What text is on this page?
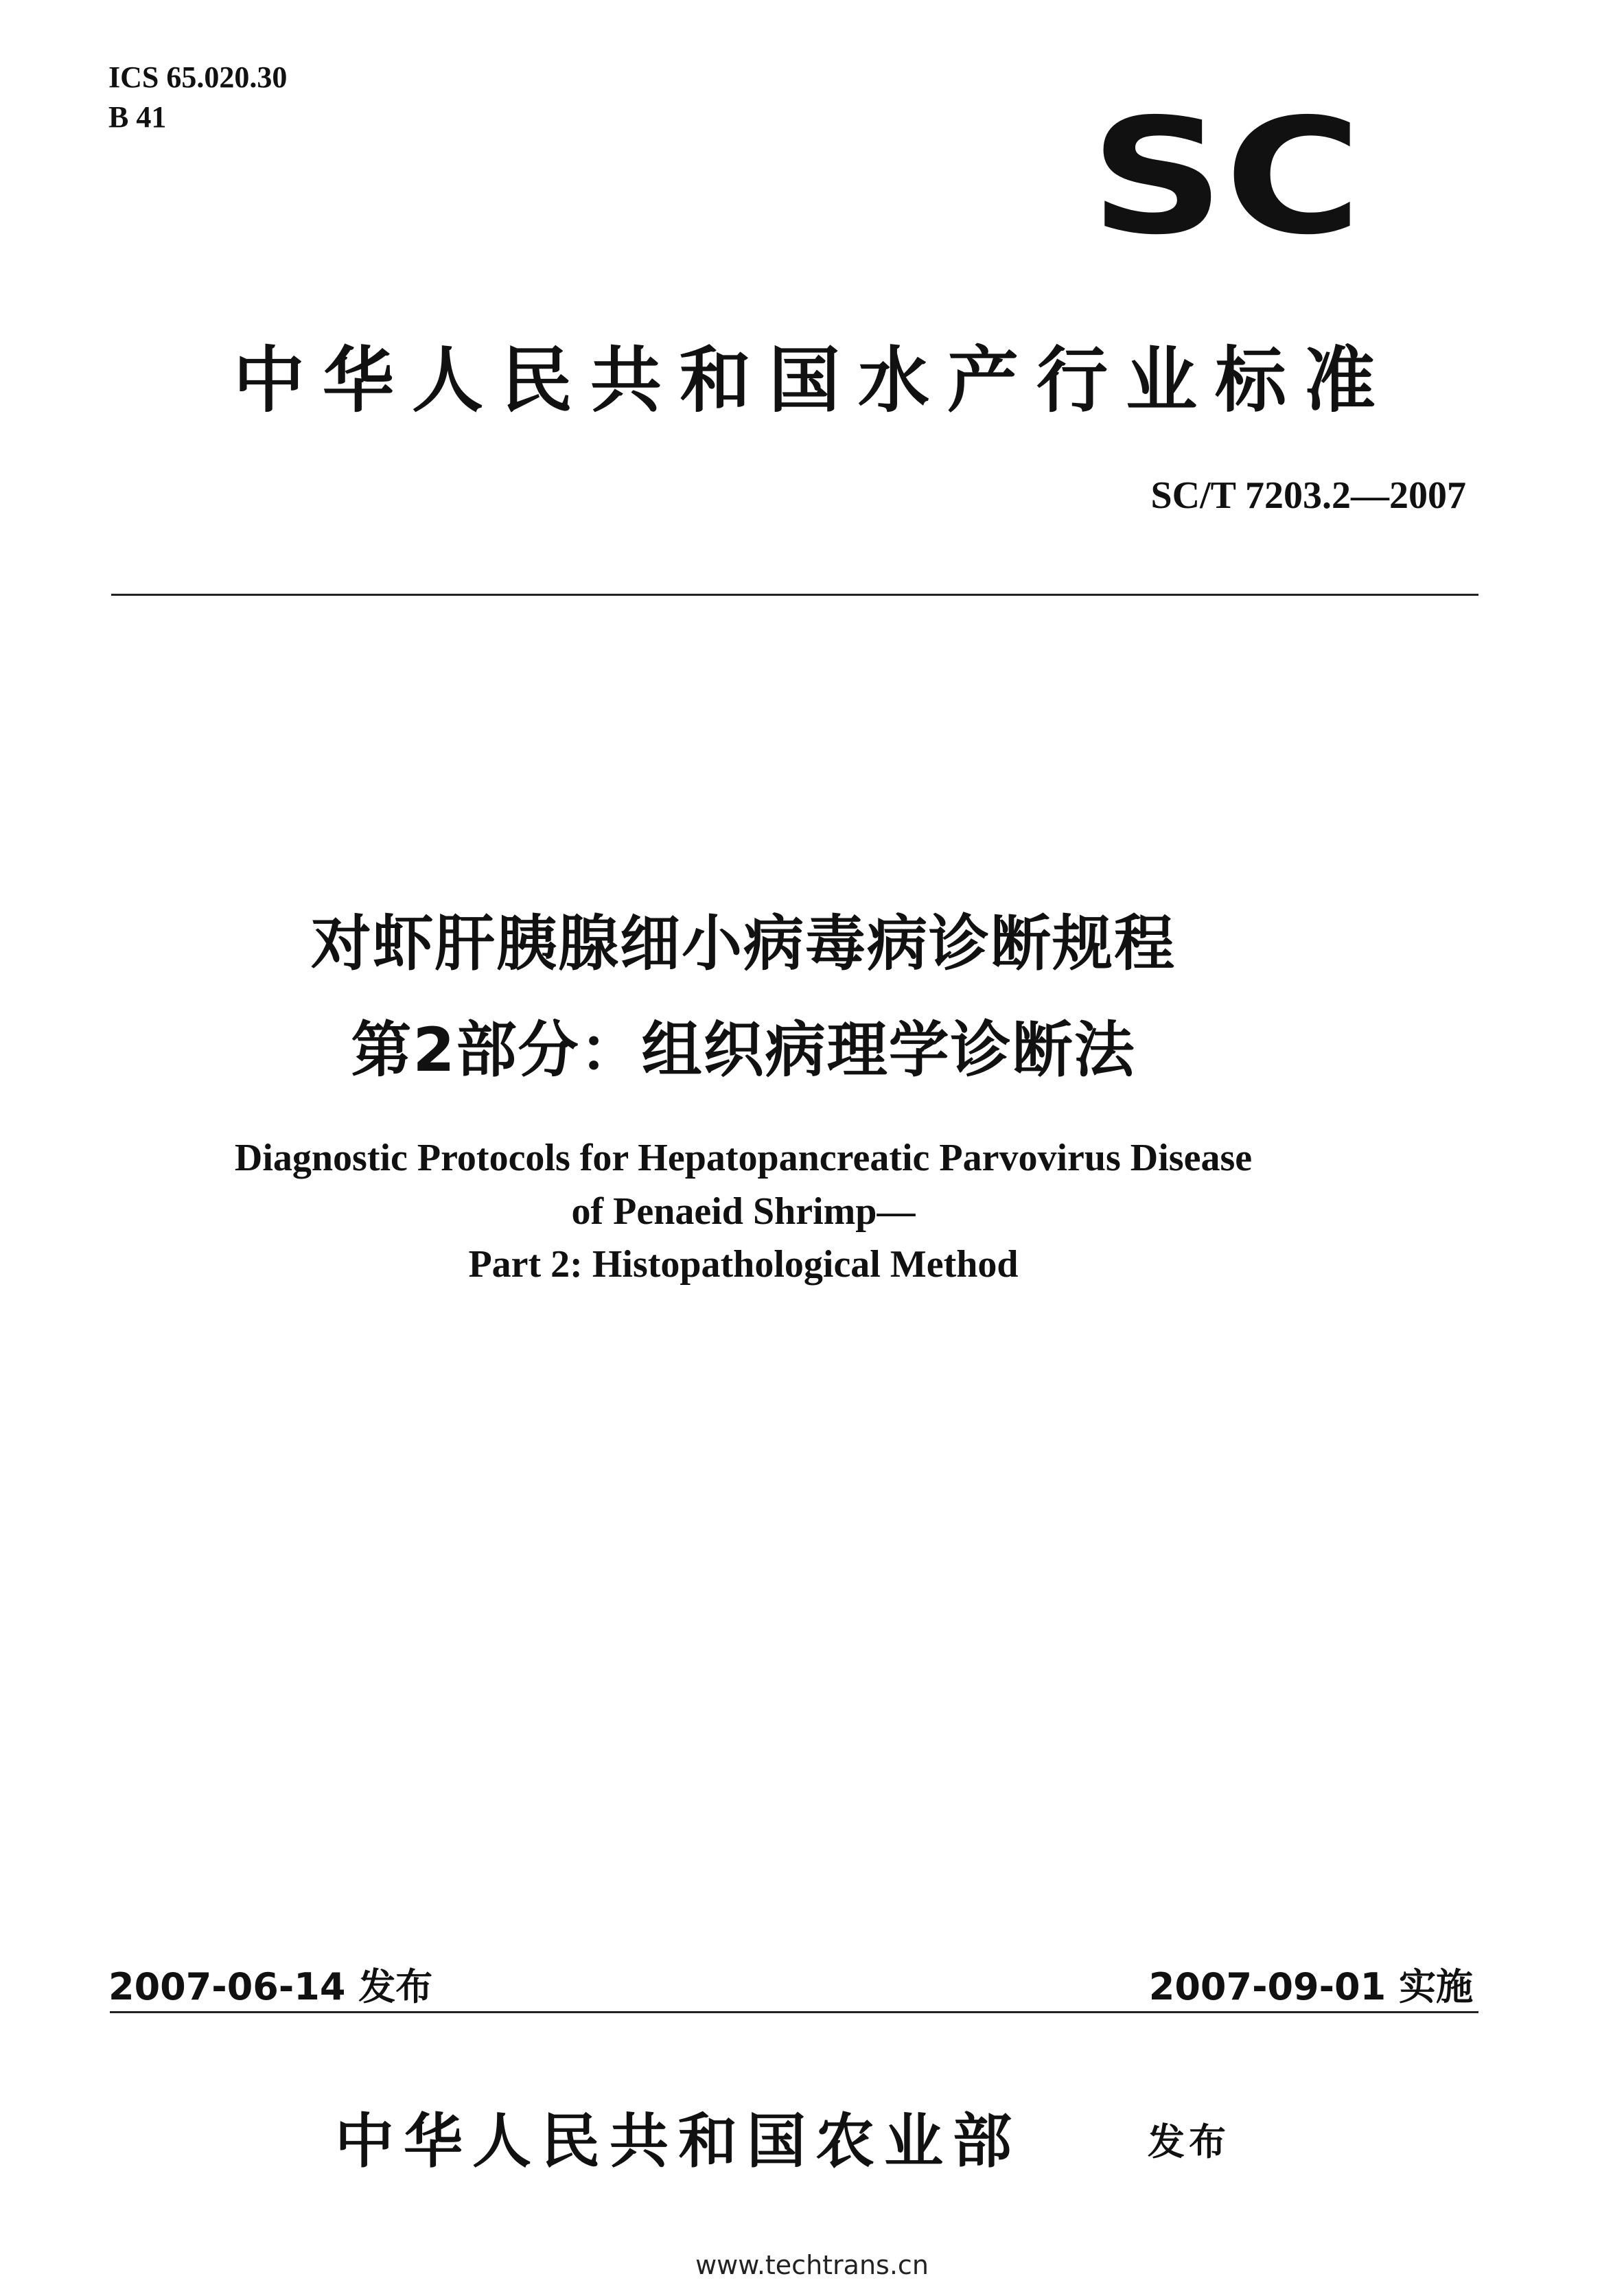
ICS 65.020.30
B 41	SC
中华人民共和国水产行业标准
SC/T 7203.2—2007
对虾肝胰腺细小病毒病诊断规程
第2部分：组织病理学诊断法
Diagnostic Protocols for Hepatopancreatic Parvovirus Disease
of Penaeid Shrimp—
Part 2: Histopathological Method
2007-06-14 发布	2007-09-01 实施
中华人民共和国农业部	发布
www.techtrans.cn
